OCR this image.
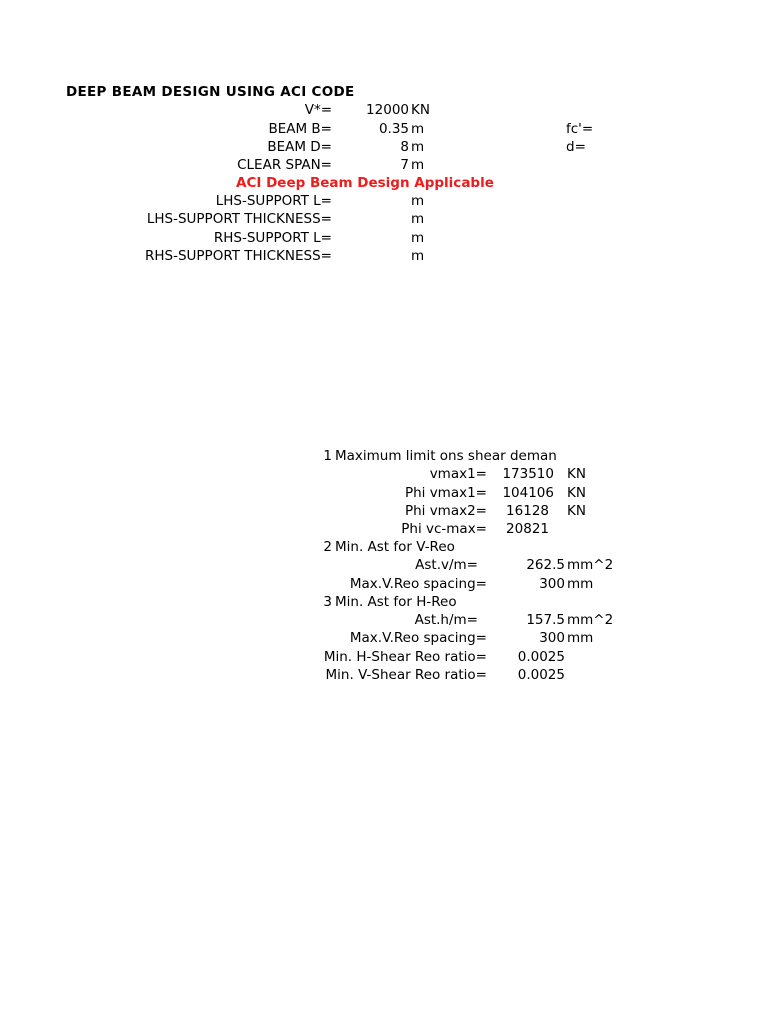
DEEP BEAM DESIGN USING ACI CODE
V*=	12000 KN
BEAM B=	0.35 m	fc'=
BEAM D=	8 m	d=
CLEAR SPAN=	7 m
ACI Deep Beam Design Applicable
LHS-SUPPORT L=	m
LHS-SUPPORT THICKNESS=	m
RHS-SUPPORT L=	m
RHS-SUPPORT THICKNESS=	m
1 Maximum limit ons shear deman
vmax1= 173510 KN
Phi vmax1= 104106 KN
Phi vmax2= 16128 KN
Phi vc-max= 20821
2 Min. Ast for V-Reo
Ast.v/m=	262.5 mm^2
Max.V.Reo spacing=	300 mm
3 Min. Ast for H-Reo
Ast.h/m=	157.5 mm^2
Max.V.Reo spacing=	300 mm
Min. H-Shear Reo ratio= 0.0025
Min. V-Shear Reo ratio= 0.0025
